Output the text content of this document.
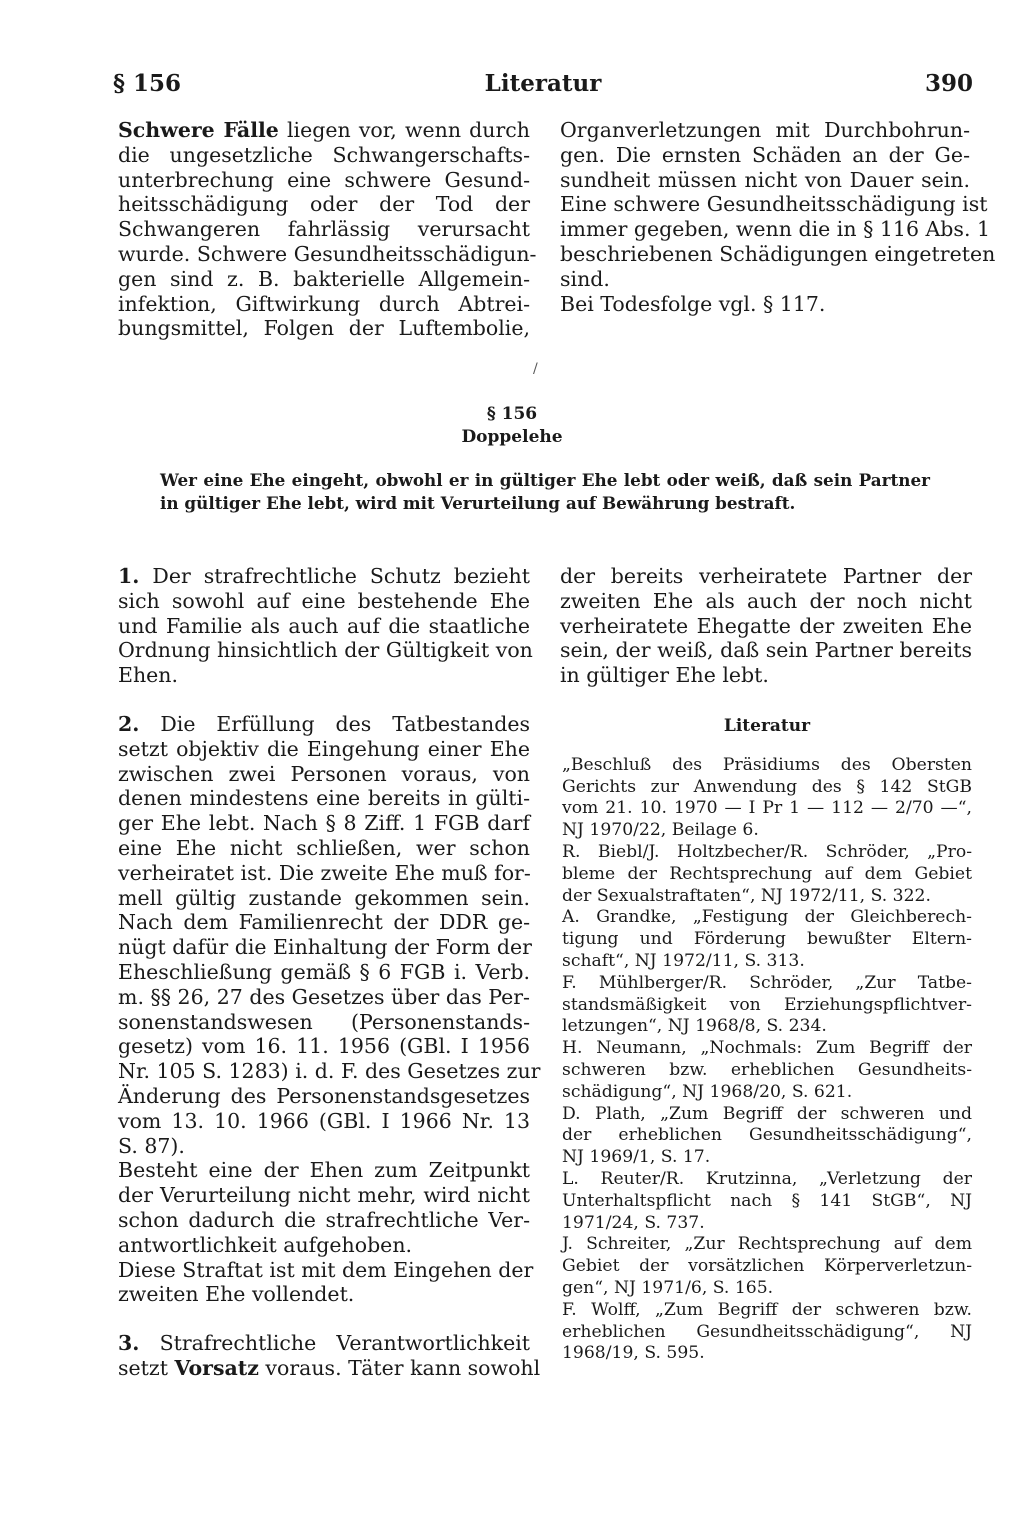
§ 156	Literatur	390
Schwere Fälle liegen vor, wenn durch
die ungesetzliche Schwangerschafts-
unterbrechung eine schwere Gesund-
heitsschädigung oder der Tod der
Schwangeren fahrlässig verursacht
wurde. Schwere Gesundheitsschädigun-
gen sind z. B. bakterielle Allgemein-
infektion, Giftwirkung durch Abtrei-
bungsmittel, Folgen der Luftembolie,
Organverletzungen mit Durchbohrun-
gen. Die ernsten Schäden an der Ge-
sundheit müssen nicht von Dauer sein.
Eine schwere Gesundheitsschädigung ist
immer gegeben, wenn die in § 116 Abs. 1
beschriebenen Schädigungen eingetreten
sind.
Bei Todesfolge vgl. § 117.
/
§ 156
Doppelehe
Wer eine Ehe eingeht, obwohl er in gültiger Ehe lebt oder weiß, daß sein Partner
in gültiger Ehe lebt, wird mit Verurteilung auf Bewährung bestraft.
1. Der strafrechtliche Schutz bezieht
sich sowohl auf eine bestehende Ehe
und Familie als auch auf die staatliche
Ordnung hinsichtlich der Gültigkeit von
Ehen.
2. Die Erfüllung des Tatbestandes
setzt objektiv die Eingehung einer Ehe
zwischen zwei Personen voraus, von
denen mindestens eine bereits in gülti-
ger Ehe lebt. Nach § 8 Ziff. 1 FGB darf
eine Ehe nicht schließen, wer schon
verheiratet ist. Die zweite Ehe muß for-
mell gültig zustande gekommen sein.
Nach dem Familienrecht der DDR ge-
nügt dafür die Einhaltung der Form der
Eheschließung gemäß § 6 FGB i. Verb.
m. §§ 26, 27 des Gesetzes über das Per-
sonenstandswesen (Personenstands-
gesetz) vom 16. 11. 1956 (GBl. I 1956
Nr. 105 S. 1283) i. d. F. des Gesetzes zur
Änderung des Personenstandsgesetzes
vom 13. 10. 1966 (GBl. I 1966 Nr. 13
S. 87).
Besteht eine der Ehen zum Zeitpunkt
der Verurteilung nicht mehr, wird nicht
schon dadurch die strafrechtliche Ver-
antwortlichkeit aufgehoben.
Diese Straftat ist mit dem Eingehen der
zweiten Ehe vollendet.
3. Strafrechtliche Verantwortlichkeit
setzt Vorsatz voraus. Täter kann sowohl
der bereits verheiratete Partner der
zweiten Ehe als auch der noch nicht
verheiratete Ehegatte der zweiten Ehe
sein, der weiß, daß sein Partner bereits
in gültiger Ehe lebt.
Literatur
„Beschluß des Präsidiums des Obersten
Gerichts zur Anwendung des § 142 StGB
vom 21. 10. 1970 — I Pr 1 — 112 — 2/70 —“,
NJ 1970/22, Beilage 6.
R. Biebl/J. Holtzbecher/R. Schröder, „Pro-
bleme der Rechtsprechung auf dem Gebiet
der Sexualstraftaten“, NJ 1972/11, S. 322.
A. Grandke, „Festigung der Gleichberech-
tigung und Förderung bewußter Eltern-
schaft“, NJ 1972/11, S. 313.
F. Mühlberger/R. Schröder, „Zur Tatbe-
standsmäßigkeit von Erziehungspflichtver-
letzungen“, NJ 1968/8, S. 234.
H. Neumann, „Nochmals: Zum Begriff der
schweren bzw. erheblichen Gesundheits-
schädigung“, NJ 1968/20, S. 621.
D. Plath, „Zum Begriff der schweren und
der erheblichen Gesundheitsschädigung“,
NJ 1969/1, S. 17.
L. Reuter/R. Krutzinna, „Verletzung der
Unterhaltspflicht nach § 141 StGB“, NJ
1971/24, S. 737.
J. Schreiter, „Zur Rechtsprechung auf dem
Gebiet der vorsätzlichen Körperverletzun-
gen“, NJ 1971/6, S. 165.
F. Wolff, „Zum Begriff der schweren bzw.
erheblichen Gesundheitsschädigung“, NJ
1968/19, S. 595.
